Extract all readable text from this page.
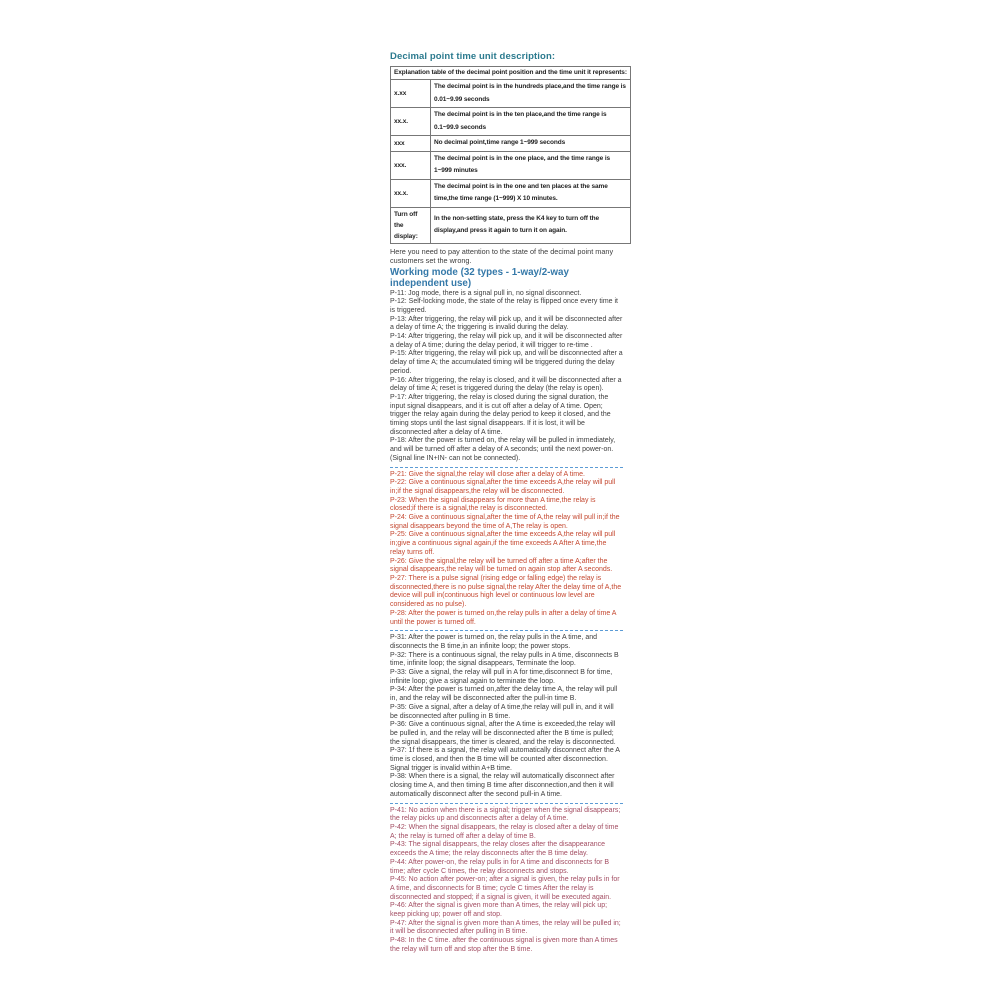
Decimal point time unit description:
Explanation table of the decimal point position and the time unit it represents:	
x.xx	The decimal point is in the hundreds place,and the time range is 0.01~9.99 seconds
xx.x.	The decimal point is in the ten place,and the time range is 0.1~99.9 seconds
xxx	No decimal point,time range 1~999 seconds
xxx.	The decimal point is in the one place, and the time range is 1~999 minutes
xx.x.	The decimal point is in the one and ten places at the same time,the time range (1~999) X 10 minutes.
Turn off the display:	In the non-setting state, press the K4 key to turn off the display,and press it again to turn it on again.

Here you need to pay attention to the state of the decimal point many customers set the wrong.

Working mode (32 types - 1-way/2-way independent use)
P-11: Jog mode, there is a signal pull in, no signal disconnect.
P-12: Self-locking mode, the state of the relay is flipped once every time it is triggered.
P-13: After triggering, the relay will pick up, and it will be disconnected after a delay of time A; the triggering is invalid during the delay.
P-14: After triggering, the relay will pick up, and it will be disconnected after a delay of A time; during the delay period, it will trigger to re-time .
P-15: After triggering, the relay will pick up, and will be disconnected after a delay of time A; the accumulated timing will be triggered during the delay period.
P-16: After triggering, the relay is closed, and it will be disconnected after a delay of time A; reset is triggered during the delay (the relay is open).
P-17: After triggering, the relay is closed during the signal duration, the input signal disappears, and it is cut off after a delay of A time. Open; trigger the relay again during the delay period to keep it closed, and the timing stops until the last signal disappears. If it is lost, it will be disconnected after a delay of A time.
P-18: After the power is turned on, the relay will be pulled in immediately, and will be turned off after a delay of A seconds; until the next power-on. (Signal line IN+IN- can not be connected).
P-21: Give the signal,the relay will close after a delay of A time.
P-22: Give a continuous signal,after the time exceeds A,the relay will pull in;if the signal disappears,the relay will be disconnected.
P-23: When the signal disappears for more than A time,the relay is closed;if there is a signal,the relay is disconnected.
P-24: Give a continuous signal,after the time of A,the relay will pull in;if the signal disappears beyond the time of A,The relay is open.
P-25: Give a continuous signal,after the time exceeds A,the relay will pull in;give a continuous signal again,if the time exceeds A After A time,the relay turns off.
P-26: Give the signal,the relay will be turned off after a time A;after the signal disappears,the relay will be turned on again stop after A seconds.
P-27: There is a pulse signal (rising edge or falling edge) the relay is disconnected,there is no pulse signal,the relay After the delay time of A,the device will pull in(continuous high level or continuous low level are considered as no pulse).
P-28: After the power is turned on,the relay pulls in after a delay of time A until the power is turned off.
P-31: After the power is turned on, the relay pulls in the A time, and disconnects the B time,in an infinite loop; the power stops.
P-32: There is a continuous signal, the relay pulls in A time, disconnects B time, infinite loop; the signal disappears, Terminate the loop.
P-33: Give a signal, the relay will pull in A for time,disconnect B for time, infinite loop; give a signal again to terminate the loop.
P-34: After the power is turned on,after the delay time A, the relay will pull in, and the relay will be disconnected after the pull-in time B.
P-35: Give a signal, after a delay of A time,the relay will pull in, and it will be disconnected after pulling in B time.
P-36: Give a continuous signal, after the A time is exceeded,the relay will be pulled in, and the relay will be disconnected after the B time is pulled; the signal disappears, the timer is cleared, and the relay is disconnected.
P-37: 1f there is a signal, the relay will automatically disconnect after the A time is closed, and then the B time will be counted after disconnection. Signal trigger is invalid within A+B time.
P-38: When there is a signal, the relay will automatically disconnect after closing time A, and then timing B time after disconnection,and then it will automatically disconnect after the second pull-in A time.
P-41: No action when there is a signal; trigger when the signal disappears; the relay picks up and disconnects after a delay of A time.
P-42: When the signal disappears, the relay is closed after a delay of time A; the relay is turned off after a delay of time B.
P-43: The signal disappears, the relay closes after the disappearance exceeds the A time; the relay disconnects after the B time delay.
P-44: After power-on, the relay pulls in for A time and disconnects for B time; after cycle C times, the relay disconnects and stops.
P-45: No action after power-on; after a signal is given, the relay pulls in for A time, and disconnects for B time; cycle C times After the relay is disconnected and stopped; if a signal is given, it will be executed again.
P-46: After the signal is given more than A times, the relay will pick up; keep picking up; power off and stop.
P-47: After the signal is given more than A times, the relay will be pulled in; it will be disconnected after pulling in B time.
P-48: In the C time. after the continuous signal is given more than A times the relay will turn off and stop after the B time.
